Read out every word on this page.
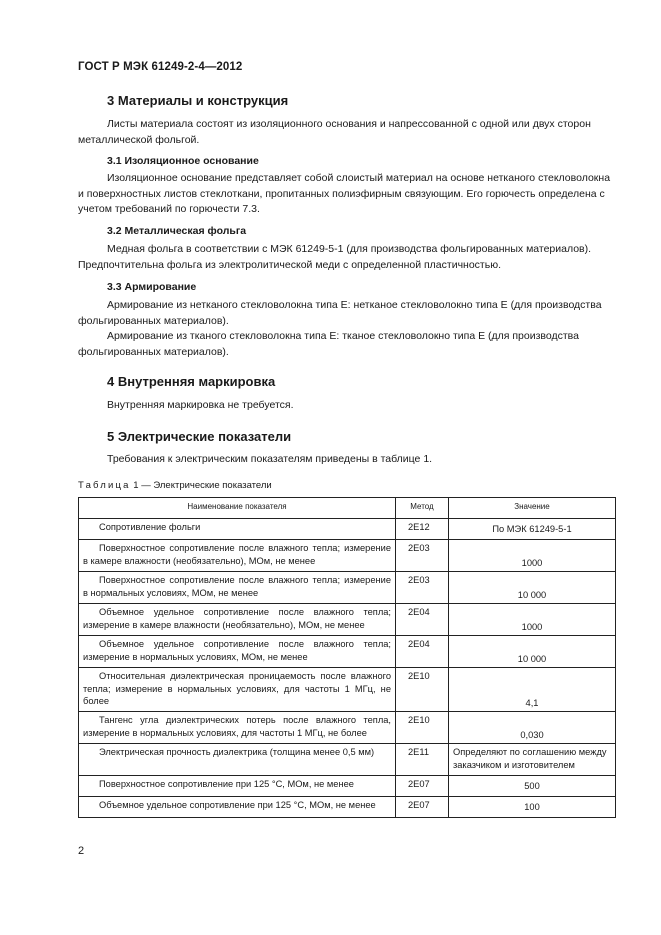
ГОСТ Р МЭК 61249-2-4—2012
3 Материалы и конструкция

Листы материала состоят из изоляционного основания и напрессованной с одной или двух сторон металлической фольгой.

3.1 Изоляционное основание

Изоляционное основание представляет собой слоистый материал на основе нетканого стекловолокна и поверхностных листов стеклоткани, пропитанных полиэфирным связующим. Его горючесть определена с учетом требований по горючести 7.3.

3.2 Металлическая фольга

Медная фольга в соответствии с МЭК 61249-5-1 (для производства фольгированных материалов). Предпочтительна фольга из электролитической меди с определенной пластичностью.

3.3 Армирование

Армирование из нетканого стекловолокна типа Е: нетканое стекловолокно типа Е (для производства фольгированных материалов).

Армирование из тканого стекловолокна типа Е: тканое стекловолокно типа Е (для производства фольгированных материалов).

4 Внутренняя маркировка

Внутренняя маркировка не требуется.

5 Электрические показатели

Требования к электрическим показателям приведены в таблице 1.

Таблица 1 — Электрические показатели
Наименование показателя	Метод	Значение

Сопротивление фольги	2E12	По МЭК 61249-5-1

Поверхностное сопротивление после влажного тепла; измерение в камере влажности (необязательно), МОм, не менее	2E03	1000

Поверхностное сопротивление после влажного тепла; измерение в нормальных условиях, МОм, не менее	2E03	10 000

Объемное удельное сопротивление после влажного тепла; измерение в камере влажности (необязательно), МОм, не менее	2E04	1000

Объемное удельное сопротивление после влажного тепла; измерение в нормальных условиях, МОм, не менее	2E04	10 000

Относительная диэлектрическая проницаемость после влажного тепла; измерение в нормальных условиях, для частоты 1 МГц, не более	2E10	4,1

Тангенс угла диэлектрических потерь после влажного тепла, измерение в нормальных условиях, для частоты 1 МГц, не более	2E10	0,030

Электрическая прочность диэлектрика (толщина менее 0,5 мм)	2E11	Определяют по соглашению между заказчиком и изготовителем

Поверхностное сопротивление при 125 °С, МОм, не менее	2E07	500

Объемное удельное сопротивление при 125 °С, МОм, не менее	2E07	100
2
